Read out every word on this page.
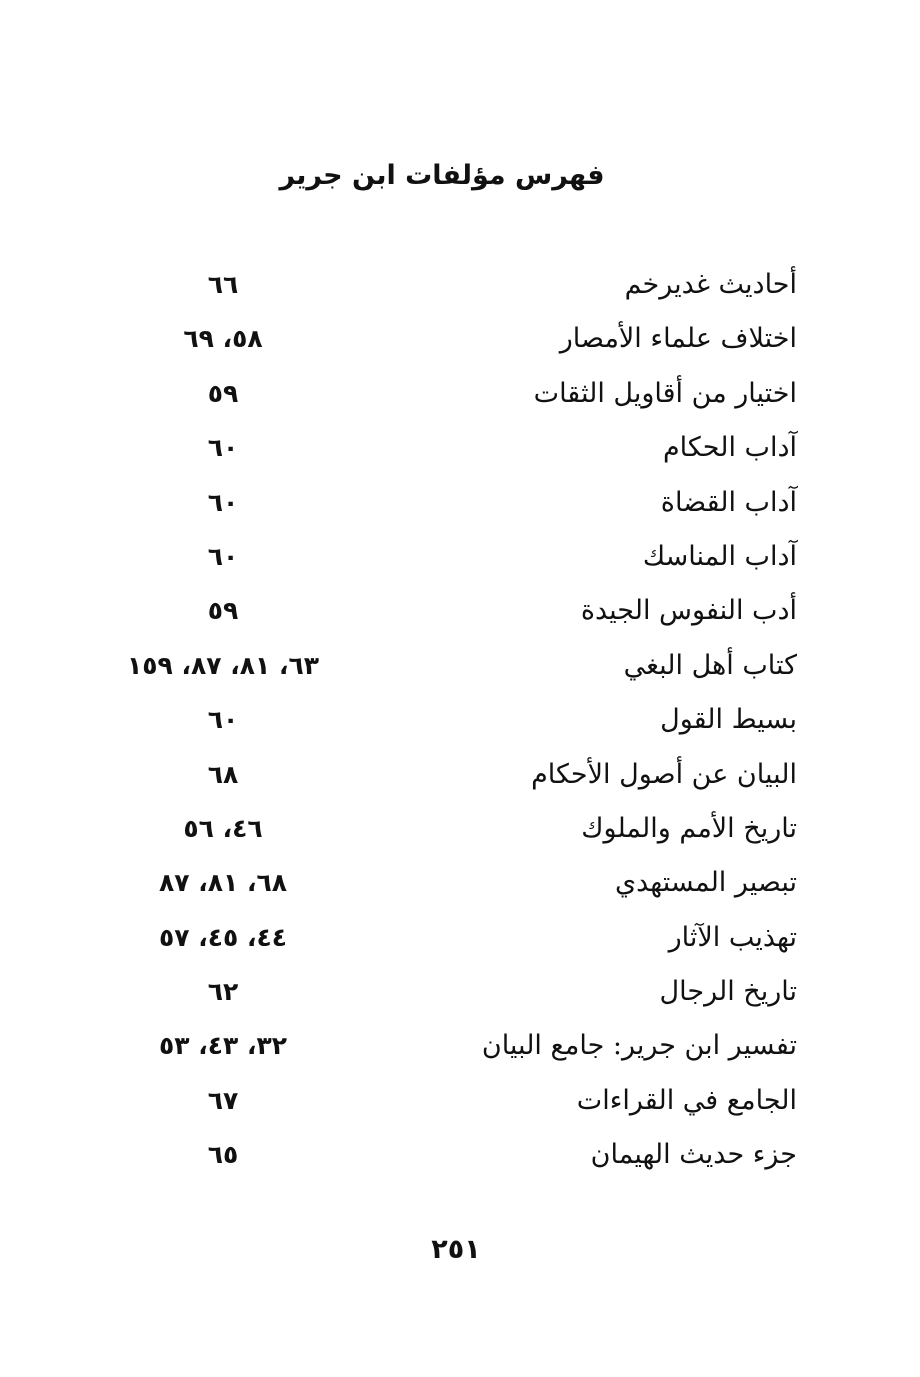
فهرس مؤلفات ابن جرير
أحاديث غديرخم
٦٦
اختلاف علماء الأمصار
٥٨، ٦٩
اختيار من أقاويل الثقات
٥٩
آداب الحكام
٦٠
آداب القضاة
٦٠
آداب المناسك
٦٠
أدب النفوس الجيدة
٥٩
كتاب أهل البغي
٦٣، ٨١، ٨٧، ١٥٩
بسيط القول
٦٠
البيان عن أصول الأحكام
٦٨
تاريخ الأمم والملوك
٤٦، ٥٦
تبصير المستهدي
٦٨، ٨١، ٨٧
تهذيب الآثار
٤٤، ٤٥، ٥٧
تاريخ الرجال
٦٢
تفسير ابن جرير: جامع البيان
٣٢، ٤٣، ٥٣
الجامع في القراءات
٦٧
جزء حديث الهيمان
٦٥
٢٥١
